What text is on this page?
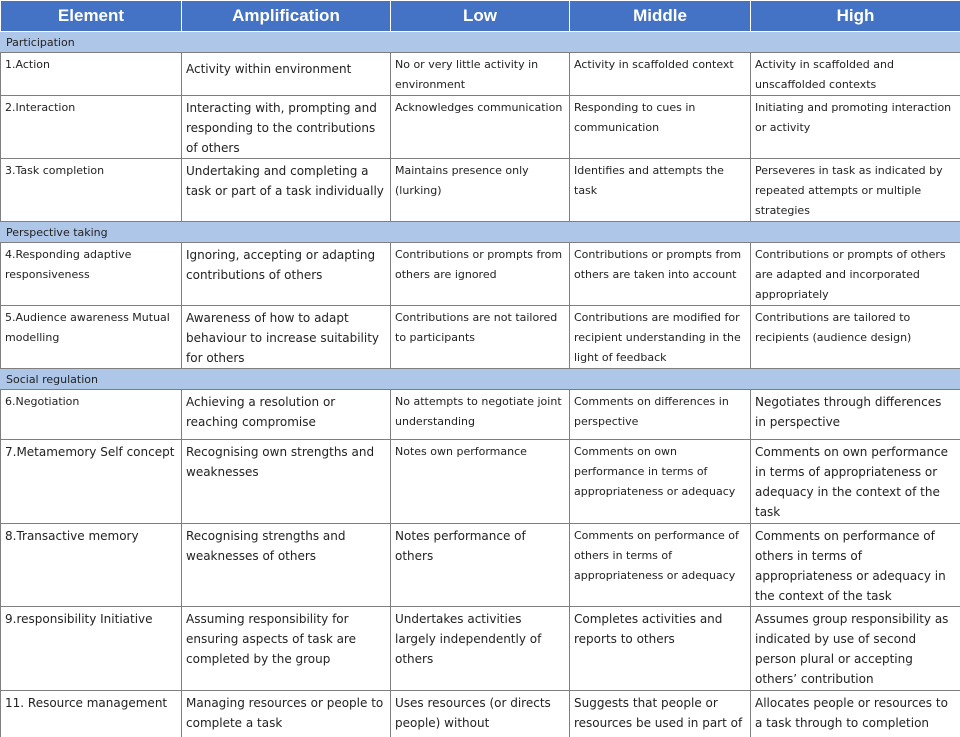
Element	Amplification	Low	Middle	High
Participation				
1.Action	Activity within environment	No or very little activity in environment	Activity in scaffolded context	Activity in scaffolded and unscaffolded contexts
2.Interaction	Interacting with, prompting and responding to the contributions of others	Acknowledges communication	Responding to cues in communication	Initiating and promoting interaction or activity
3.Task completion	Undertaking and completing a task or part of a task individually	Maintains presence only (lurking)	Identifies and attempts the task	Perseveres in task as indicated by repeated attempts or multiple strategies
Perspective taking				
4.Responding adaptive responsiveness	Ignoring, accepting or adapting contributions of others	Contributions or prompts from others are ignored	Contributions or prompts from others are taken into account	Contributions or prompts of others are adapted and incorporated appropriately
5.Audience awareness Mutual modelling	Awareness of how to adapt behaviour to increase suitability for others	Contributions are not tailored to participants	Contributions are modified for recipient understanding in the light of feedback	Contributions are tailored to recipients (audience design)
Social regulation				
6.Negotiation	Achieving a resolution or reaching compromise	No attempts to negotiate joint understanding	Comments on differences in perspective	Negotiates through differences in perspective
7.Metamemory Self concept	Recognising own strengths and weaknesses	Notes own performance	Comments on own performance in terms of appropriateness or adequacy	Comments on own performance in terms of appropriateness or adequacy in the context of the task
8.Transactive memory	Recognising strengths and weaknesses of others	Notes performance of others	Comments on performance of others in terms of appropriateness or adequacy	Comments on performance of others in terms of appropriateness or adequacy in the context of the task
9.responsibility Initiative	Assuming responsibility for ensuring aspects of task are completed by the group	Undertakes activities largely independently of others	Completes activities and reports to others	Assumes group responsibility as indicated by use of second person plural or accepting others’ contribution
11. Resource management	Managing resources or people to complete a task	Uses resources (or directs people) without	Suggests that people or resources be used in part of	Allocates people or resources to a task through to completion
